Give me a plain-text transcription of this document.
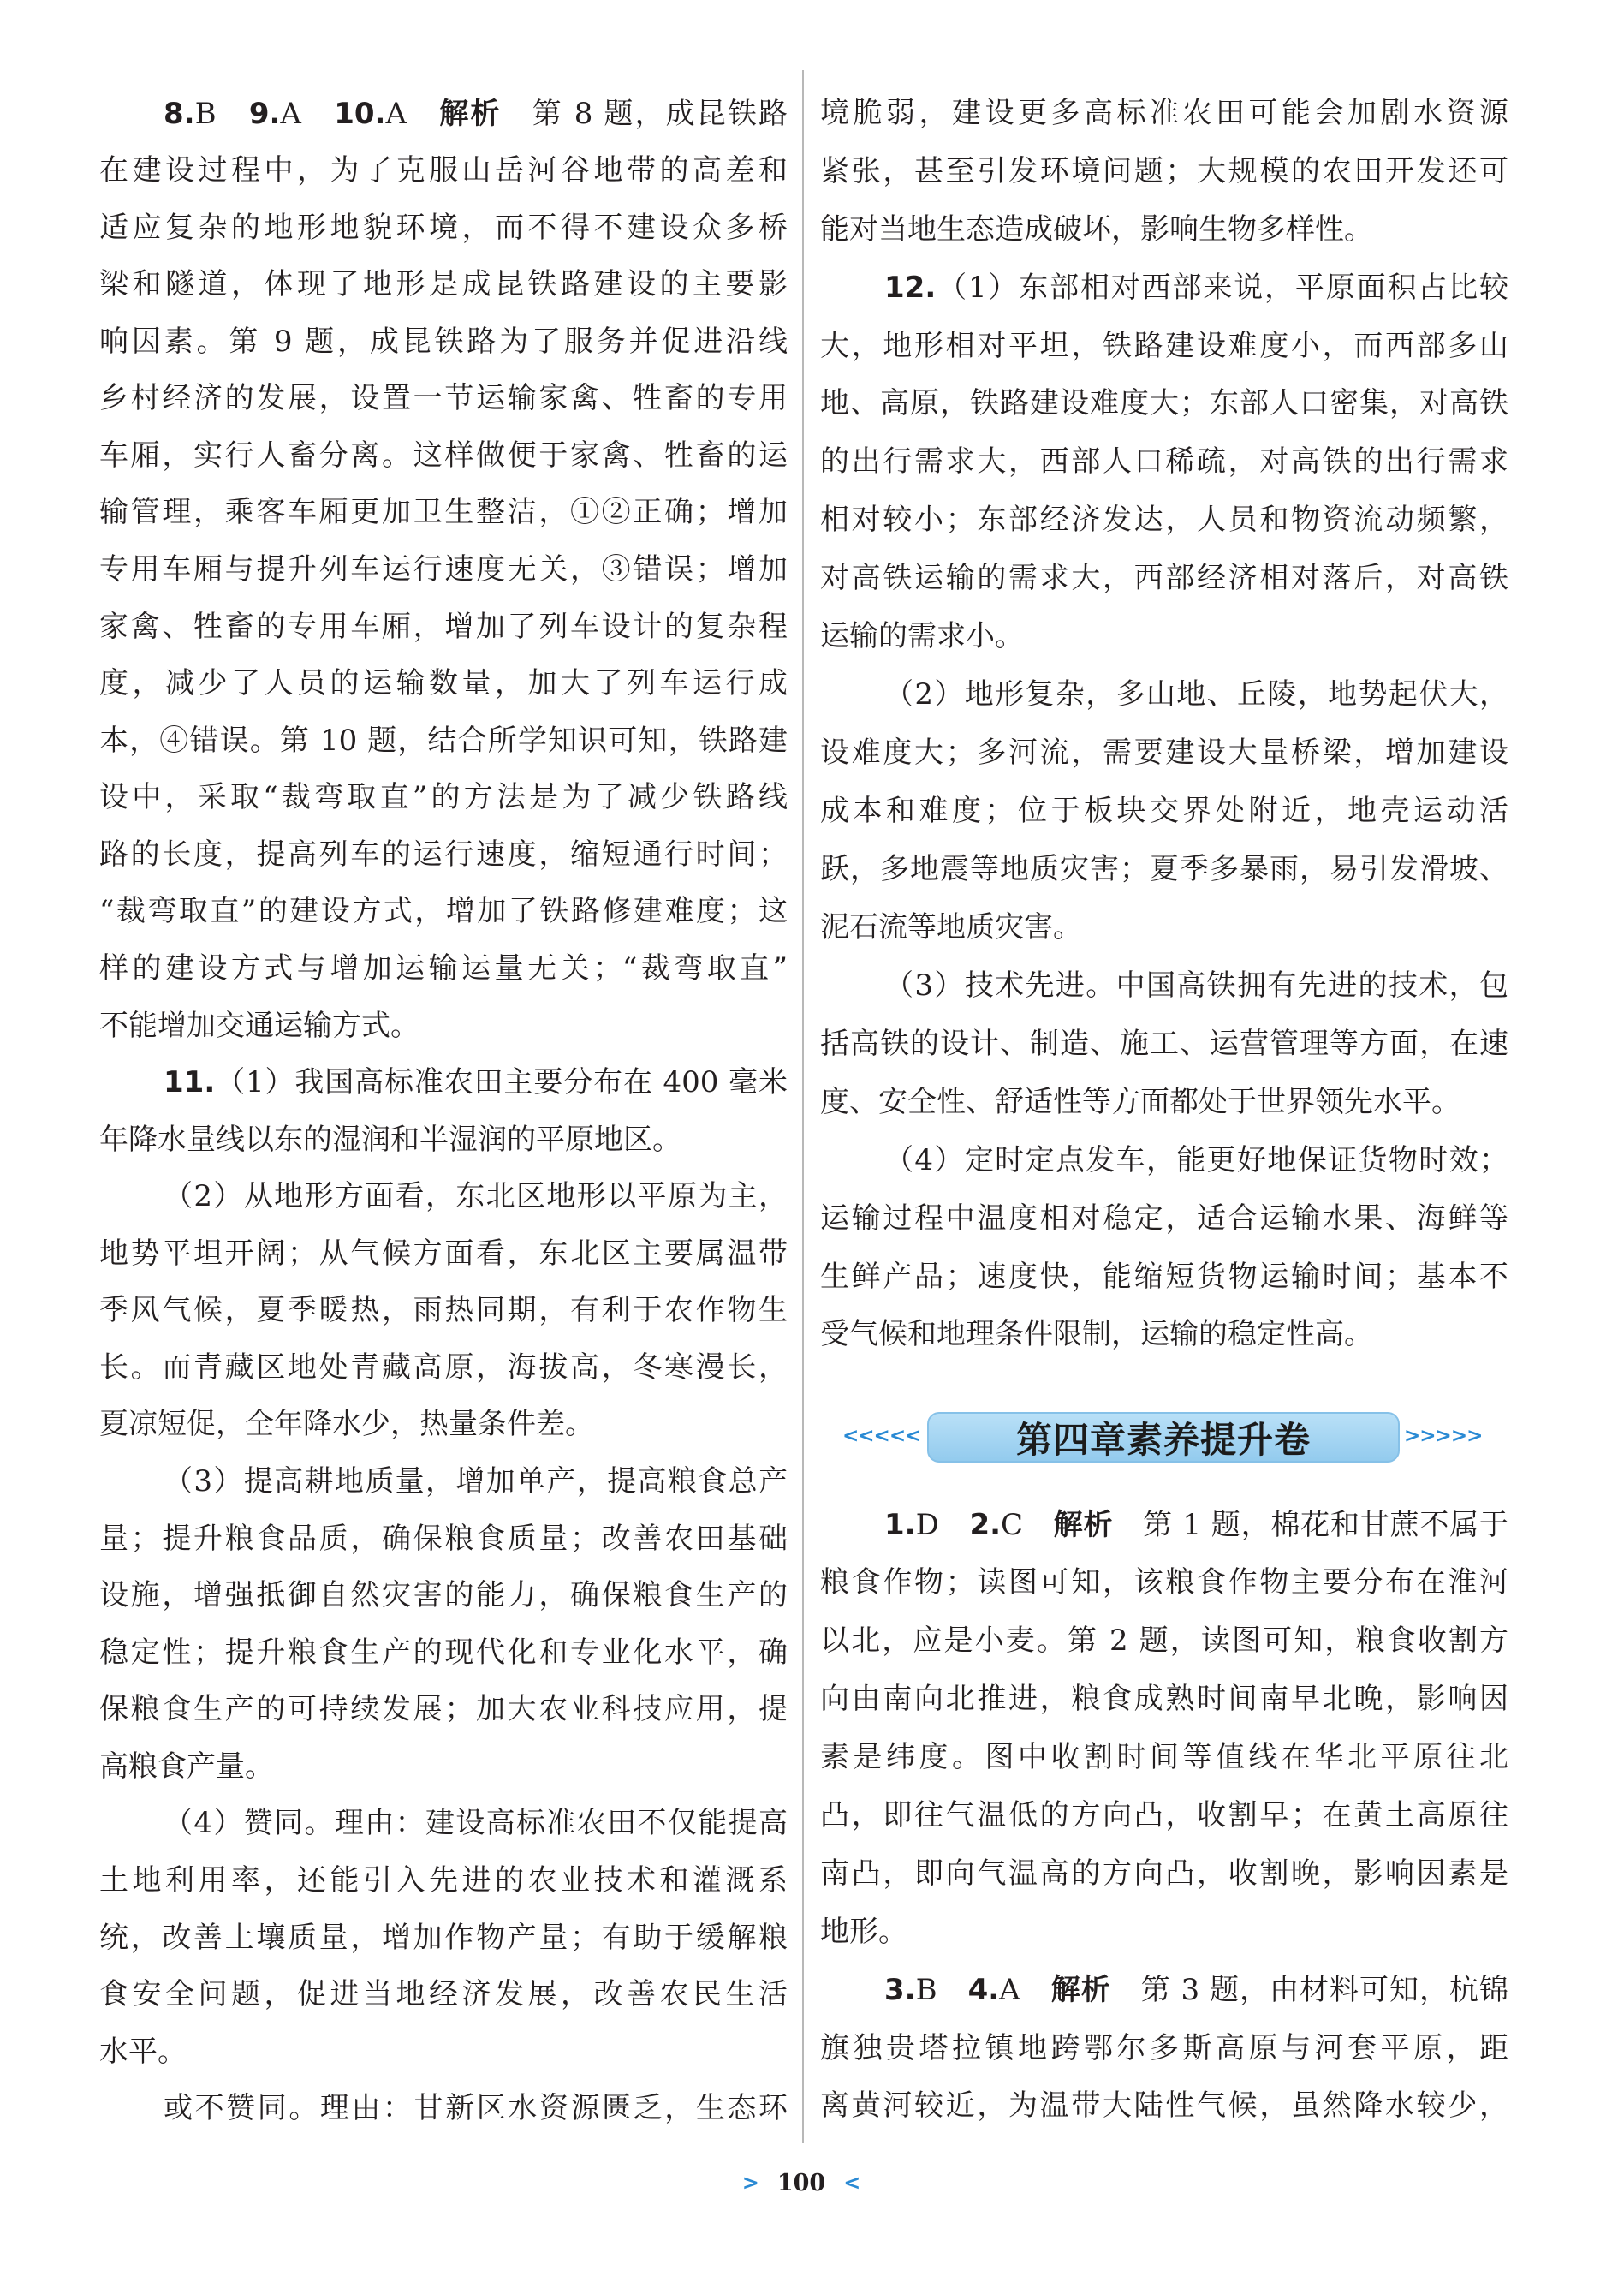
8.B　9.A　10.A　解析　第 8 题，成昆铁路
在建设过程中，为了克服山岳河谷地带的高差和
适应复杂的地形地貌环境，而不得不建设众多桥
梁和隧道，体现了地形是成昆铁路建设的主要影
响因素。第 9 题，成昆铁路为了服务并促进沿线
乡村经济的发展，设置一节运输家禽、牲畜的专用
车厢，实行人畜分离。这样做便于家禽、牲畜的运
输管理，乘客车厢更加卫生整洁，①②正确；增加
专用车厢与提升列车运行速度无关，③错误；增加
家禽、牲畜的专用车厢，增加了列车设计的复杂程
度，减少了人员的运输数量，加大了列车运行成
本，④错误。第 10 题，结合所学知识可知，铁路建
设中，采取“裁弯取直”的方法是为了减少铁路线
路的长度，提高列车的运行速度，缩短通行时间；
“裁弯取直”的建设方式，增加了铁路修建难度；这
样的建设方式与增加运输运量无关；“裁弯取直”
不能增加交通运输方式。
11.（1）我国高标准农田主要分布在 400 毫米
年降水量线以东的湿润和半湿润的平原地区。
（2）从地形方面看，东北区地形以平原为主，
地势平坦开阔；从气候方面看，东北区主要属温带
季风气候，夏季暖热，雨热同期，有利于农作物生
长。而青藏区地处青藏高原，海拔高，冬寒漫长，
夏凉短促，全年降水少，热量条件差。
（3）提高耕地质量，增加单产，提高粮食总产
量；提升粮食品质，确保粮食质量；改善农田基础
设施，增强抵御自然灾害的能力，确保粮食生产的
稳定性；提升粮食生产的现代化和专业化水平，确
保粮食生产的可持续发展；加大农业科技应用，提
高粮食产量。
（4）赞同。理由：建设高标准农田不仅能提高
土地利用率，还能引入先进的农业技术和灌溉系
统，改善土壤质量，增加作物产量；有助于缓解粮
食安全问题，促进当地经济发展，改善农民生活
水平。
或不赞同。理由：甘新区水资源匮乏，生态环
境脆弱，建设更多高标准农田可能会加剧水资源
紧张，甚至引发环境问题；大规模的农田开发还可
能对当地生态造成破坏，影响生物多样性。
12.（1）东部相对西部来说，平原面积占比较
大，地形相对平坦，铁路建设难度小，而西部多山
地、高原，铁路建设难度大；东部人口密集，对高铁
的出行需求大，西部人口稀疏，对高铁的出行需求
相对较小；东部经济发达，人员和物资流动频繁，
对高铁运输的需求大，西部经济相对落后，对高铁
运输的需求小。
（2）地形复杂，多山地、丘陵，地势起伏大，
设难度大；多河流，需要建设大量桥梁，增加建设
成本和难度；位于板块交界处附近，地壳运动活
跃，多地震等地质灾害；夏季多暴雨，易引发滑坡、
泥石流等地质灾害。
（3）技术先进。中国高铁拥有先进的技术，包
括高铁的设计、制造、施工、运营管理等方面，在速
度、安全性、舒适性等方面都处于世界领先水平。
（4）定时定点发车，能更好地保证货物时效；
运输过程中温度相对稳定，适合运输水果、海鲜等
生鲜产品；速度快，能缩短货物运输时间；基本不
受气候和地理条件限制，运输的稳定性高。
<<<<<	第四章素养提升卷	>>>>>
1.D　2.C　解析　第 1 题，棉花和甘蔗不属于
粮食作物；读图可知，该粮食作物主要分布在淮河
以北，应是小麦。第 2 题，读图可知，粮食收割方
向由南向北推进，粮食成熟时间南早北晚，影响因
素是纬度。图中收割时间等值线在华北平原往北
凸，即往气温低的方向凸，收割早；在黄土高原往
南凸，即向气温高的方向凸，收割晚，影响因素是
地形。
3.B　4.A　解析　第 3 题，由材料可知，杭锦
旗独贵塔拉镇地跨鄂尔多斯高原与河套平原，距
离黄河较近，为温带大陆性气候，虽然降水较少，
> 100 <
